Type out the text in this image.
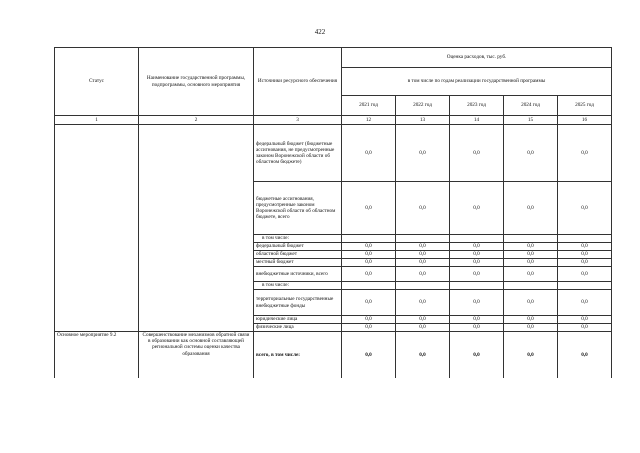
422
Статус	Наименование государственной программы, подпрограммы, основного мероприятия	Источники ресурсного обеспечения	Оценка расходов, тыс. руб.				
			в том числе по годам реализации государственной программы				
			2021 год	2022 год	2023 год	2024 год	2025 год
1	2	3	12	13	14	15	16
		федеральный бюджет (бюджетные ассигнования, не предусмотренные законом Воронежской области об областном бюджете)	0,0	0,0	0,0	0,0	0,0
		бюджетные ассигнования, предусмотренные законом Воронежской области об областном бюджете, всего	0,0	0,0	0,0	0,0	0,0
		в том числе:					
		федеральный бюджет	0,0	0,0	0,0	0,0	0,0
		областной бюджет	0,0	0,0	0,0	0,0	0,0
		местный бюджет	0,0	0,0	0,0	0,0	0,0
		внебюджетные источники, всего	0,0	0,0	0,0	0,0	0,0
		в том числе:					
		территориальные государственные внебюджетные фонды	0,0	0,0	0,0	0,0	0,0
		юридические лица	0,0	0,0	0,0	0,0	0,0
		физические лица	0,0	0,0	0,0	0,0	0,0
Основное мероприятие 9.2	Совершенствование механизмов обратной связи в образовании как основной составляющей региональной системы оценки качества образования	всего, в том числе:	0,0	0,0	0,0	0,0	0,0
